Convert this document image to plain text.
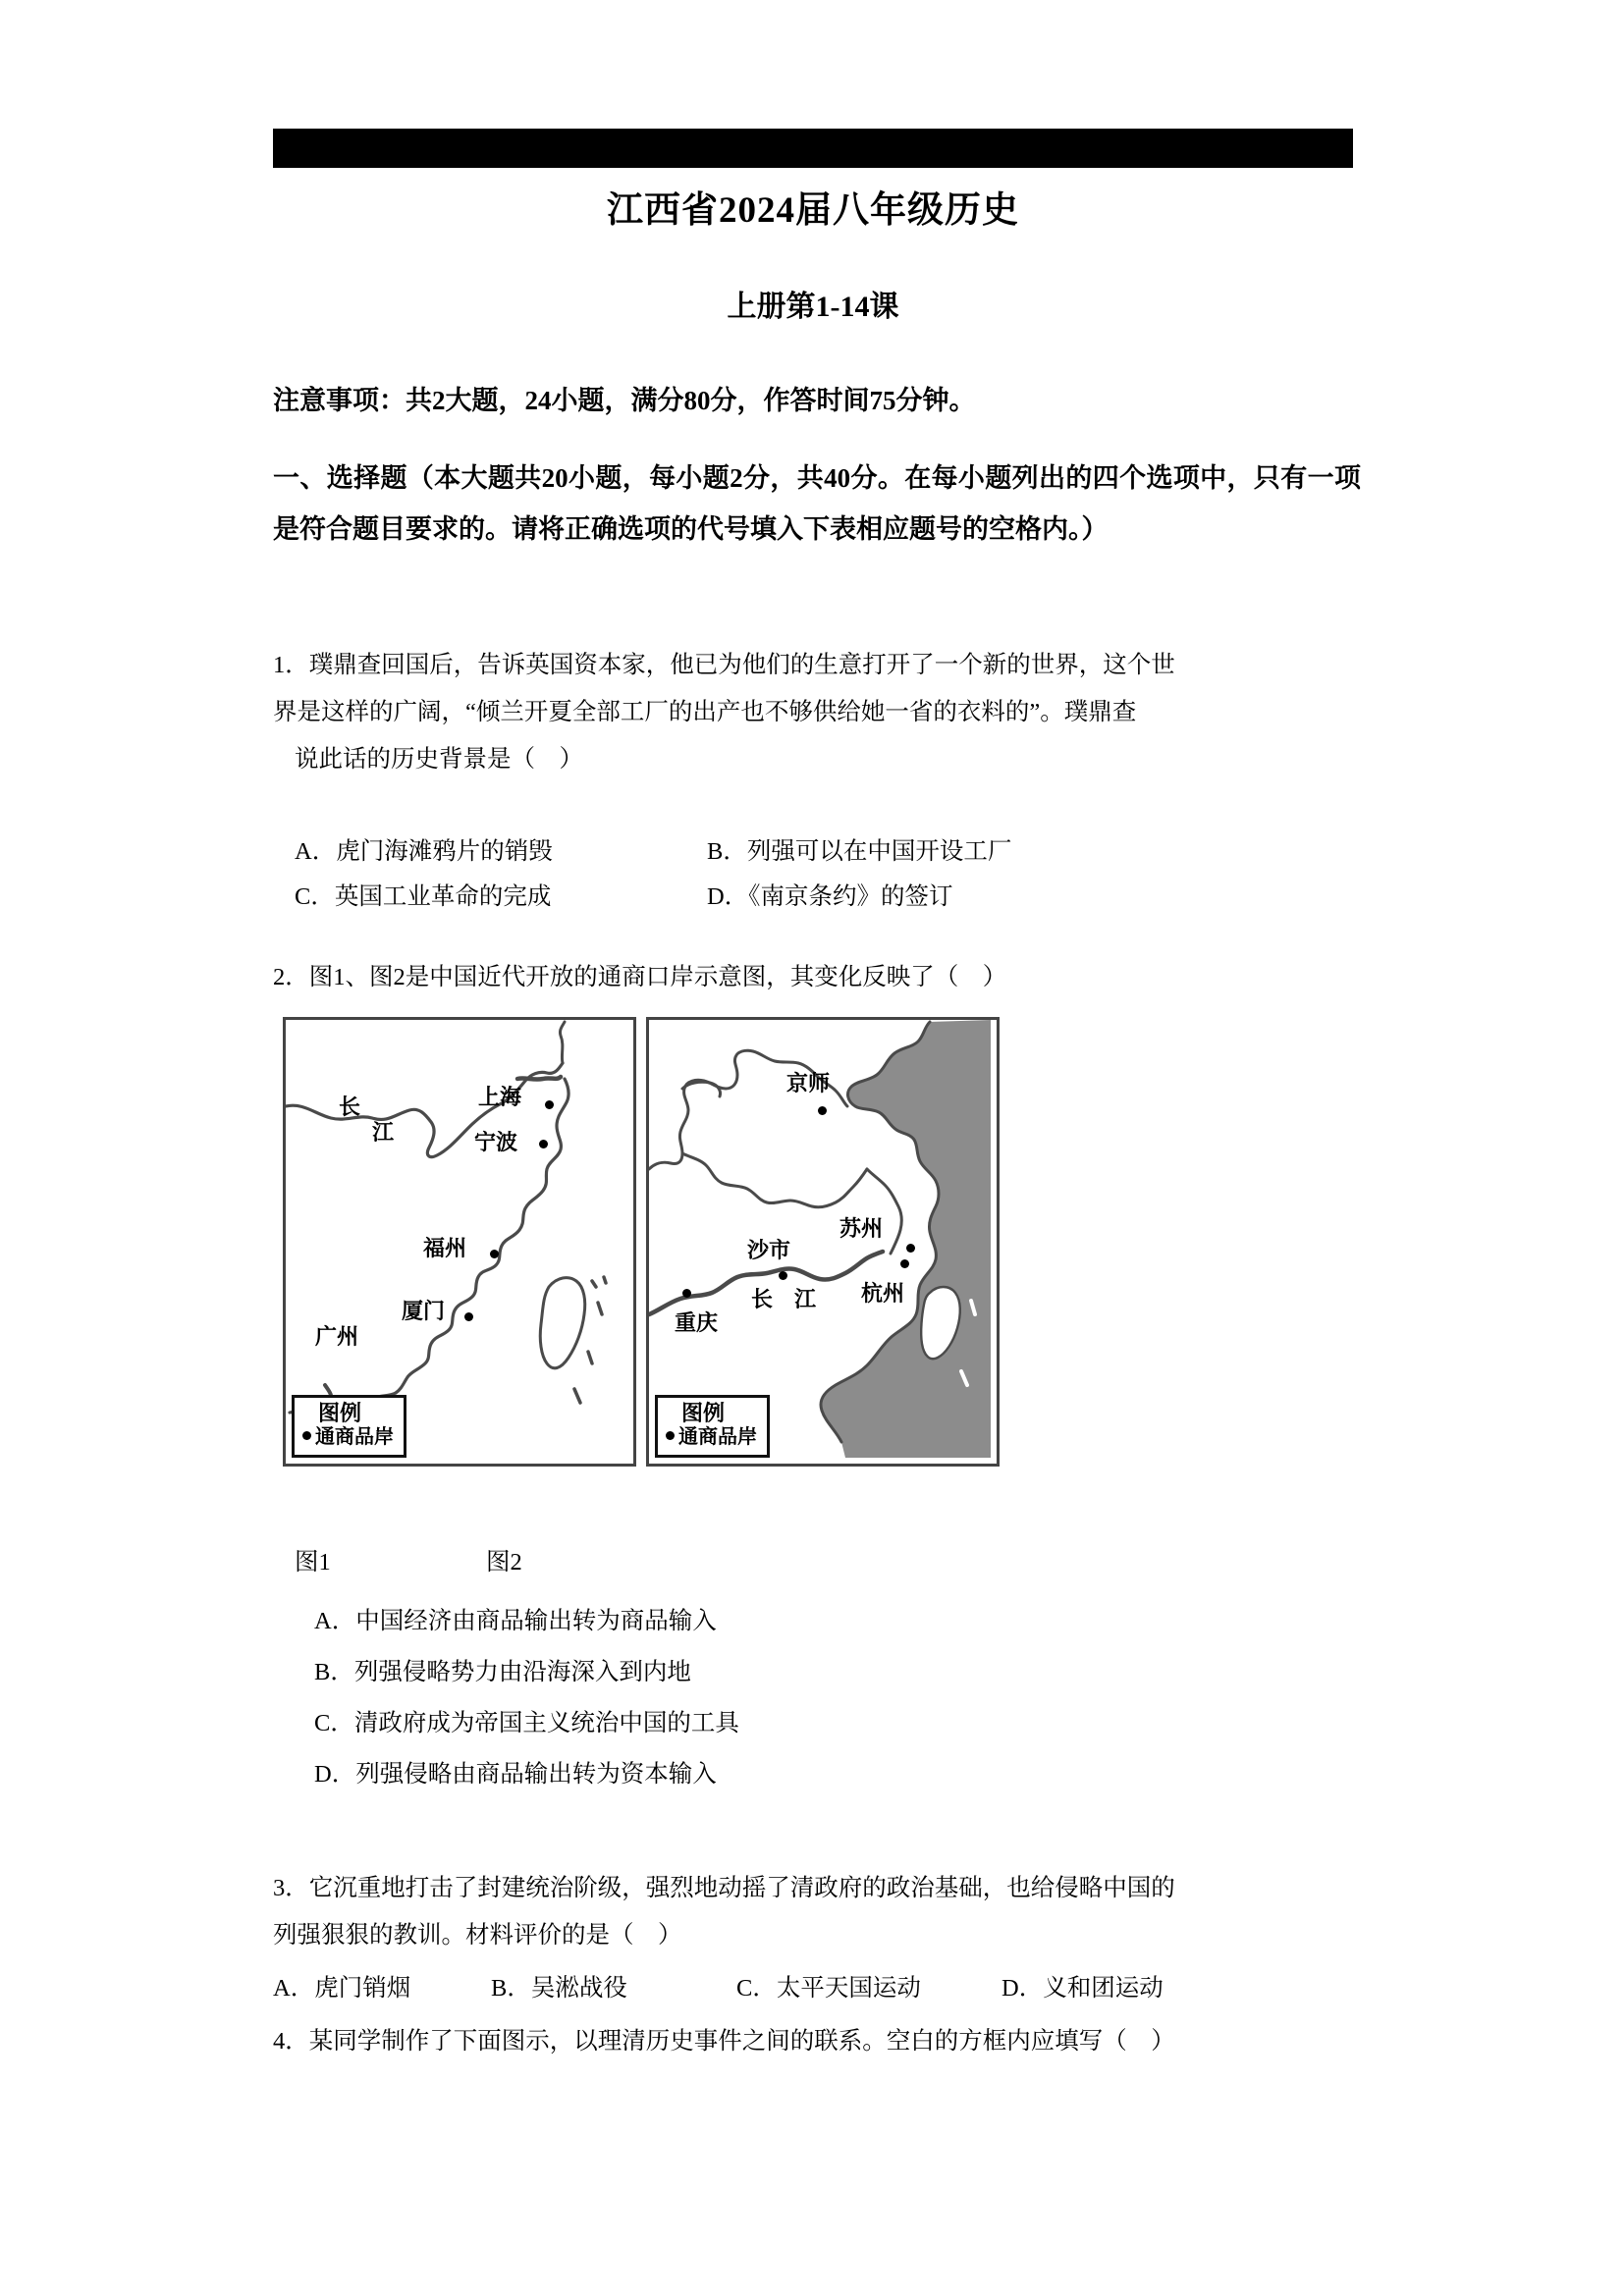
江西省2024届八年级历史
上册第1-14课
注意事项：共2大题，24小题，满分80分，作答时间75分钟。
一、选择题（本大题共20小题，每小题2分，共40分。在每小题列出的四个选项中，只有一项是符合题目要求的。请将正确选项的代号填入下表相应题号的空格内。）
1．璞鼎查回国后，告诉英国资本家，他已为他们的生意打开了一个新的世界，这个世
界是这样的广阔，“倾兰开夏全部工厂的出产也不够供给她一省的衣料的”。璞鼎查
说此话的历史背景是（　）
A．虎门海滩鸦片的销毁	B．列强可以在中国开设工厂
C．英国工业革命的完成	D．《南京条约》的签订
2．图1、图2是中国近代开放的通商口岸示意图，其变化反映了（　）
长
江
上海
宁波
福州
厦门
广州
图例
通商品岸
京师
苏州
沙市
长 江 杭州
重庆
图例
通商品岸
图1	图2
A．中国经济由商品输出转为商品输入
B．列强侵略势力由沿海深入到内地
C．清政府成为帝国主义统治中国的工具
D．列强侵略由商品输出转为资本输入
3．它沉重地打击了封建统治阶级，强烈地动摇了清政府的政治基础，也给侵略中国的
列强狠狠的教训。材料评价的是（　）
A．虎门销烟	B．吴淞战役	C．太平天国运动	D．义和团运动
4．某同学制作了下面图示，以理清历史事件之间的联系。空白的方框内应填写（　）
